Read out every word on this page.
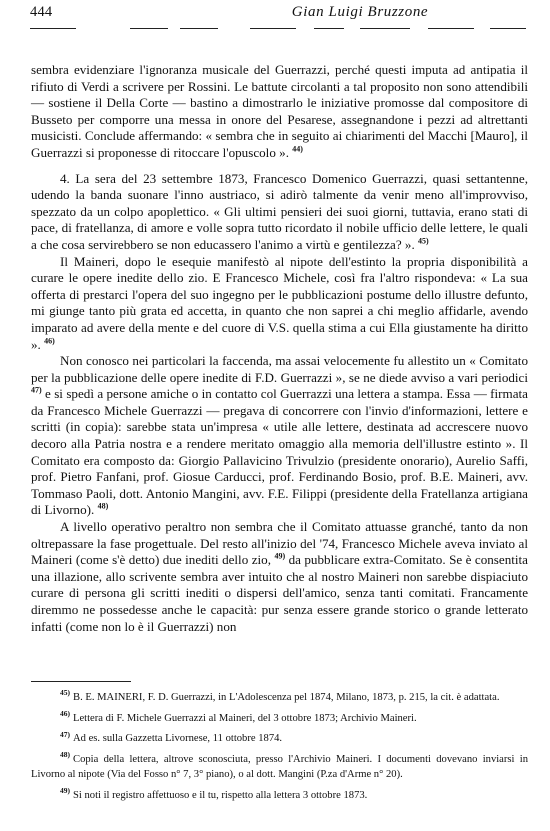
444	Gian Luigi Bruzzone

sembra evidenziare l'ignoranza musicale del Guerrazzi, perché questi imputa ad antipatia il rifiuto di Verdi a scrivere per Rossini. Le battute circolanti a tal proposito non sono attendibili — sostiene il Della Corte — bastino a dimostrarlo le iniziative promosse dal compositore di Busseto per comporre una messa in onore del Pesarese, assegnandone i pezzi ad altrettanti musicisti. Conclude affermando: « sembra che in seguito ai chiarimenti del Macchi [Mauro], il Guerrazzi si proponesse di ritoccare l'opuscolo ». $^{44)}$

4. La sera del 23 settembre 1873, Francesco Domenico Guerrazzi, quasi settantenne, udendo la banda suonare l'inno austriaco, si adirò talmente da venir meno all'improvviso, spezzato da un colpo apoplettico. « Gli ultimi pensieri dei suoi giorni, tuttavia, erano stati di pace, di fratellanza, di amore e volle sopra tutto ricordato il nobile ufficio delle lettere, le quali a che cosa servirebbero se non educassero l'animo a virtù e gentilezza? ». $^{45)}$

Il Maineri, dopo le esequie manifestò al nipote dell'estinto la propria disponibilità a curare le opere inedite dello zio. E Francesco Michele, così fra l'altro rispondeva: « La sua offerta di prestarci l'opera del suo ingegno per le pubblicazioni postume dello illustre defunto, mi giunge tanto più grata ed accetta, in quanto che non saprei a chi meglio affidarle, avendo imparato ad avere della mente e del cuore di V.S. quella stima a cui Ella giustamente ha diritto ». $^{46)}$

Non conosco nei particolari la faccenda, ma assai velocemente fu allestito un « Comitato per la pubblicazione delle opere inedite di F.D. Guerrazzi », se ne diede avviso a vari periodici $^{47)}$ e si spedì a persone amiche o in contatto col Guerrazzi una lettera a stampa. Essa — firmata da Francesco Michele Guerrazzi — pregava di concorrere con l'invio d'informazioni, lettere e scritti (in copia): sarebbe stata un'impresa « utile alle lettere, destinata ad accrescere nuovo decoro alla Patria nostra e a rendere meritato omaggio alla memoria dell'illustre estinto ». Il Comitato era composto da: Giorgio Pallavicino Trivulzio (presidente onorario), Aurelio Saffi, prof. Pietro Fanfani, prof. Giosue Carducci, prof. Ferdinando Bosio, prof. B.E. Maineri, avv. Tommaso Paoli, dott. Antonio Mangini, avv. F.E. Filippi (presidente della Fratellanza artigiana di Livorno). $^{48)}$

A livello operativo peraltro non sembra che il Comitato attuasse granché, tanto da non oltrepassare la fase progettuale. Del resto all'inizio del '74, Francesco Michele aveva inviato al Maineri (come s'è detto) due inediti dello zio, $^{49)}$ da pubblicare extra-Comitato. Se è consentita una illazione, allo scrivente sembra aver intuito che al nostro Maineri non sarebbe dispiaciuto curare di persona gli scritti inediti o dispersi dell'amico, senza tanti comitati. Francamente diremmo ne possedesse anche le capacità: pur senza essere grande storico o grande letterato infatti (come non lo è il Guerrazzi) non

$^{45)}$ B. E. MAINERI, F. D. Guerrazzi, in L'Adolescenza pel 1874, Milano, 1873, p. 215, la cit. è adattata.

$^{46)}$ Lettera di F. Michele Guerrazzi al Maineri, del 3 ottobre 1873; Archivio Maineri.

$^{47)}$ Ad es. sulla Gazzetta Livornese, 11 ottobre 1874.

$^{48)}$ Copia della lettera, altrove sconosciuta, presso l'Archivio Maineri. I documenti dovevano inviarsi in Livorno al nipote (Via del Fosso n° 7, 3° piano), o al dott. Mangini (P.za d'Arme n° 20).

$^{49)}$ Si noti il registro affettuoso e il tu, rispetto alla lettera 3 ottobre 1873.
